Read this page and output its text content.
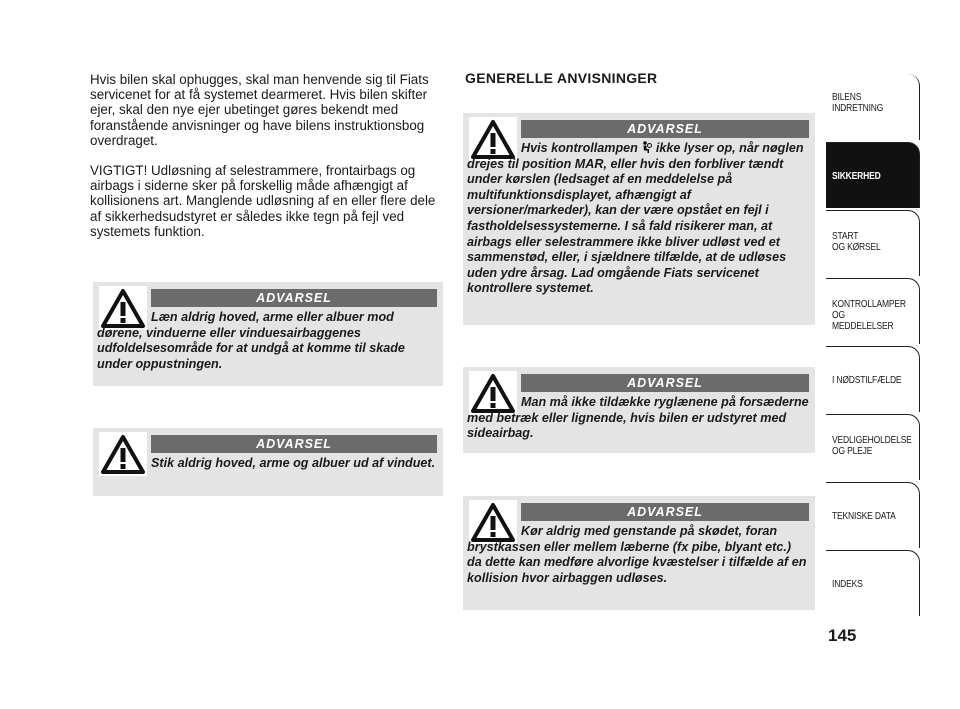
Hvis bilen skal ophugges, skal man henvende sig til Fiats servicenet for at få systemet dearmeret. Hvis bilen skifter ejer, skal den nye ejer ubetinget gøres bekendt med foranstående anvisninger og have bilens instruktionsbog overdraget.

VIGTIGT! Udløsning af selestrammere, frontairbags og airbags i siderne sker på forskellig måde afhængigt af kollisionens art. Manglende udløsning af en eller flere dele af sikkerhedsudstyret er således ikke tegn på fejl ved systemets funktion.

ADVARSEL

Læn aldrig hoved, arme eller albuer mod dørene, vinduerne eller vinduesairbaggenes udfoldelsesområde for at undgå at komme til skade under oppustningen.

ADVARSEL

Stik aldrig hoved, arme og albuer ud af vinduet.

GENERELLE ANVISNINGER
ADVARSEL

Hvis kontrollampen ikke lyser op, når nøglen drejes til position MAR, eller hvis den forbliver tændt under kørslen (ledsaget af en meddelelse på multifunktionsdisplayet, afhængigt af versioner/markeder), kan der være opstået en fejl i fastholdelsessystemerne. I så fald risikerer man, at airbags eller selestrammere ikke bliver udløst ved et sammenstød, eller, i sjældnere tilfælde, at de udløses uden ydre årsag. Lad omgående Fiats servicenet kontrollere systemet.

ADVARSEL

Man må ikke tildække ryglænene på forsæderne med betræk eller lignende, hvis bilen er udstyret med sideairbag.

ADVARSEL

Kør aldrig med genstande på skødet, foran brystkassen eller mellem læberne (fx pibe, blyant etc.) da dette kan medføre alvorlige kvæstelser i tilfælde af en kollision hvor airbaggen udløses.

BILENS
INDRETNING
SIKKERHED
START
OG KØRSEL
KONTROLLAMPER
OG MEDDELELSER
I NØDSTILFÆLDE
VEDLIGEHOLDELSE
OG PLEJE
TEKNISKE DATA
INDEKS

145
